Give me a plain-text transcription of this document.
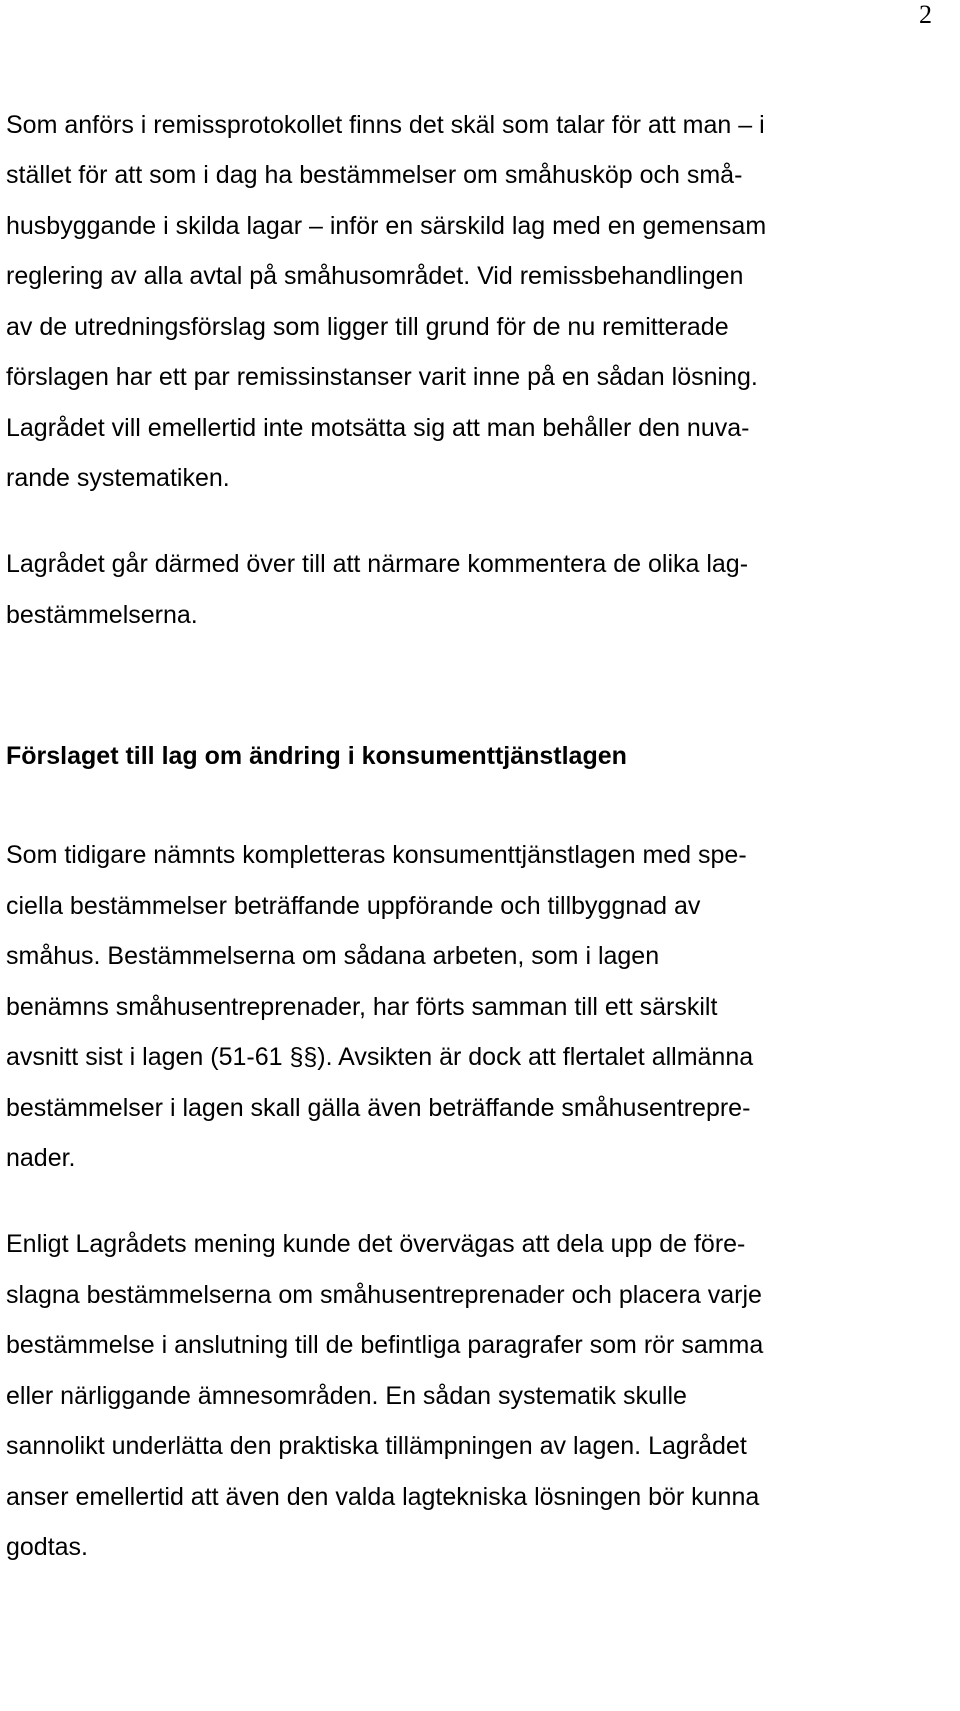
2
Som anförs i remissprotokollet finns det skäl som talar för att man – i
stället för att som i dag ha bestämmelser om småhusköp och små-
husbyggande i skilda lagar – inför en särskild lag med en gemensam
reglering av alla avtal på småhusområdet. Vid remissbehandlingen
av de utredningsförslag som ligger till grund för de nu remitterade
förslagen har ett par remissinstanser varit inne på en sådan lösning.
Lagrådet vill emellertid inte motsätta sig att man behåller den nuva-
rande systematiken.
Lagrådet går därmed över till att närmare kommentera de olika lag-
bestämmelserna.
Förslaget till lag om ändring i konsumenttjänstlagen
Som tidigare nämnts kompletteras konsumenttjänstlagen med spe-
ciella bestämmelser beträffande uppförande och tillbyggnad av
småhus. Bestämmelserna om sådana arbeten, som i lagen
benämns småhusentreprenader, har förts samman till ett särskilt
avsnitt sist i lagen (51-61 §§). Avsikten är dock att flertalet allmänna
bestämmelser i lagen skall gälla även beträffande småhusentrepre-
nader.
Enligt Lagrådets mening kunde det övervägas att dela upp de före-
slagna bestämmelserna om småhusentreprenader och placera varje
bestämmelse i anslutning till de befintliga paragrafer som rör samma
eller närliggande ämnesområden. En sådan systematik skulle
sannolikt underlätta den praktiska tillämpningen av lagen. Lagrådet
anser emellertid att även den valda lagtekniska lösningen bör kunna
godtas.
